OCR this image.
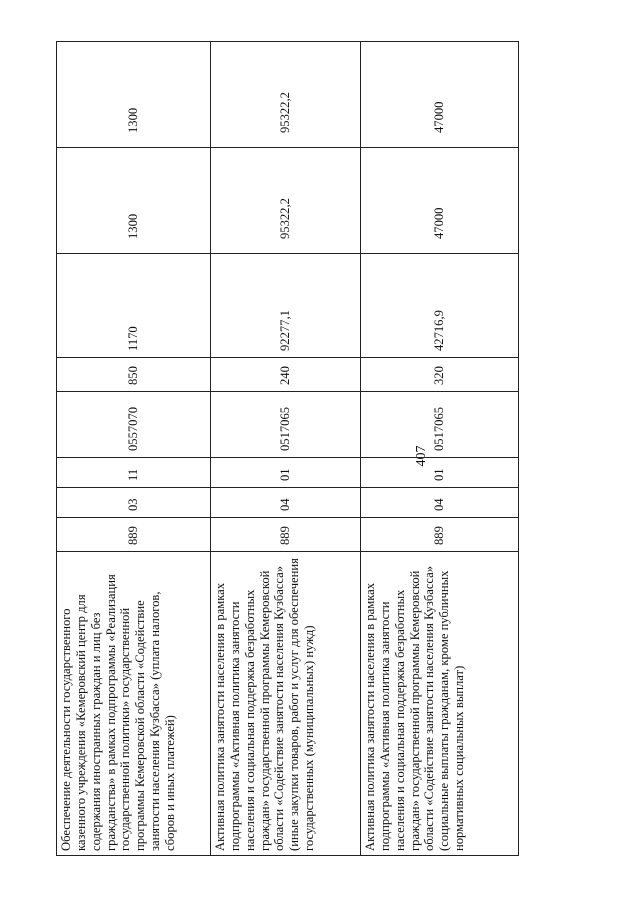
407
Обеспечение деятельности государственного казенного учреждения «Кемеровский центр для содержания иностранных граждан и лиц без гражданства» в рамках подпрограммы «Реализация государственной политики» государственной программы Кемеровской области «Содействие занятости населения Кузбасса» (уплата налогов, сборов и иных платежей)	889	03	11	0557070	850	1170	1300	1300
Активная политика занятости населения в рамках подпрограммы «Активная политика занятости населения и социальная поддержка безработных граждан» государственной программы Кемеровской области «Содействие занятости населения Кузбасса» (иные закупки товаров, работ и услуг для обеспечения государственных (муниципальных) нужд)	889	04	01	0517065	240	92277,1	95322,2	95322,2
Активная политика занятости населения в рамках подпрограммы «Активная политика занятости населения и социальная поддержка безработных граждан» государственной программы Кемеровской области «Содействие занятости населения Кузбасса» (социальные выплаты гражданам, кроме публичных нормативных социальных выплат)	889	04	01	0517065	320	42716,9	47000	47000
